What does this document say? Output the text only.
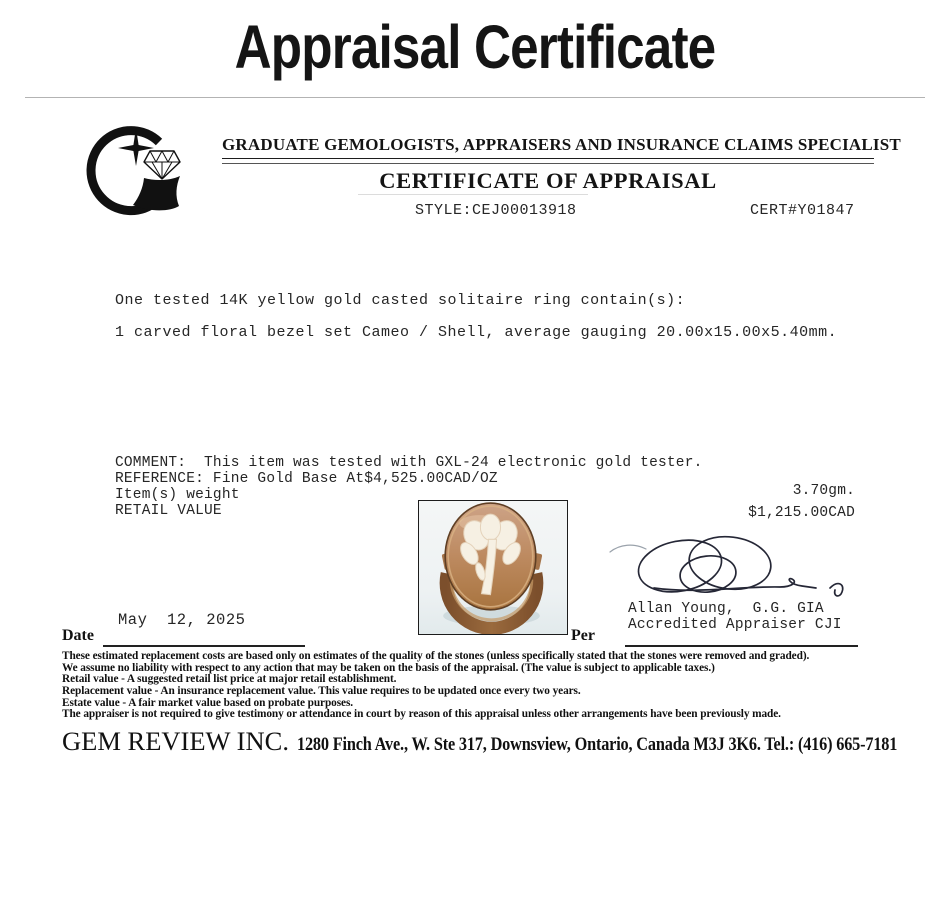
Appraisal Certificate
GRADUATE GEMOLOGISTS, APPRAISERS AND INSURANCE CLAIMS SPECIALIST
CERTIFICATE OF APPRAISAL
STYLE:CEJ00013918	CERT#Y01847
One tested 14K yellow gold casted solitaire ring contain(s):
1 carved floral bezel set Cameo / Shell, average gauging 20.00x15.00x5.40mm.
COMMENT:  This item was tested with GXL-24 electronic gold tester.
REFERENCE: Fine Gold Base At$4,525.00CAD/OZ
Item(s) weight
RETAIL VALUE
3.70gm.
$1,215.00CAD
Allan Young,  G.G. GIA
Accredited Appraiser CJI
May  12, 2025
Date	Per
These estimated replacement costs are based only on estimates of the quality of the stones (unless specifically stated that the stones were removed and graded).
We assume no liability with respect to any action that may be taken on the basis of the appraisal. (The value is subject to applicable taxes.)
Retail value - A suggested retail list price at major retail establishment.
Replacement value - An insurance replacement value. This value requires to be updated once every two years.
Estate value - A fair market value based on probate purposes.
The appraiser is not required to give testimony or attendance in court by reason of this appraisal unless other arrangements have been previously made.
GEM REVIEW INC. 1280 Finch Ave., W. Ste 317, Downsview, Ontario, Canada M3J 3K6. Tel.: (416) 665-7181
